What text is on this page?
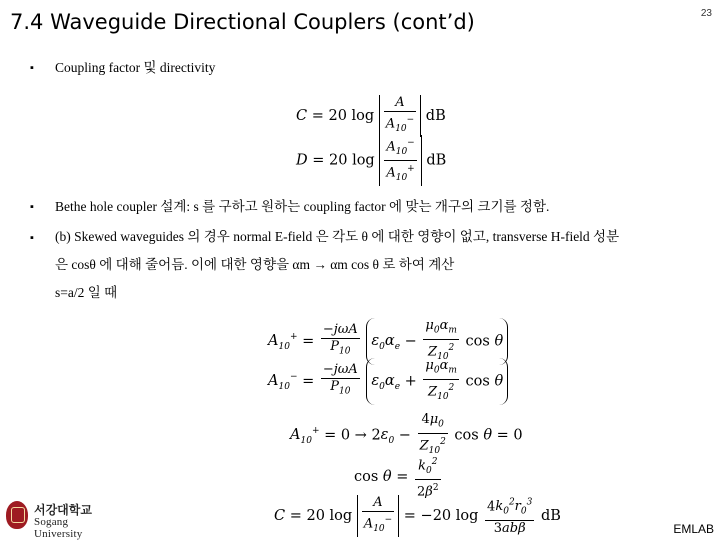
7.4 Waveguide Directional Couplers (cont’d)	23
▪ Coupling factor 및 directivity
C = 20 $\log \frac{A}{A_{10}^-}$ dB
D = 20 $\log \frac{A_{10}^-}{A_{10}^+}$ dB
▪ Bethe hole coupler 설계: s 를 구하고 원하는 coupling factor 에 맞는 개구의 크기를 정함.
▪ (b) Skewed waveguides 의 경우 normal E-field 은 각도 θ 에 대한 영향이 없고, transverse H-field 성분
은 cosθ 에 대해 줄어듬. 이에 대한 영향을 αm → αm cos θ 로 하여 계산
s=a/2 일 때
$A_{10}^+ = \frac{\text{−jωA}}{P_{10}} \varepsilon_0\alpha_e - \frac{\mu_0\alpha_m}{Z_{10}^2}$ cos θ
$A_{10}^- = \frac{\text{−jωA}}{P_{10}} \varepsilon_0\alpha_e + \frac{\mu_0\alpha_m}{Z_{10}^2}$ cos θ
$A_{10}^+ = 0 \to 2\varepsilon_0 - \frac{4\mu_0}{Z_{10}^2}$ cos θ = 0
$\cos \theta = \frac{k_0^2}{2\beta^2}$
C = 20 $\log \frac{A}{A_{10}^-} = -20$ $\log \frac{4k_0^2r_0^3}{\text{3abβ}}$ dB
서강대학교
Sogang University	EMLAB
